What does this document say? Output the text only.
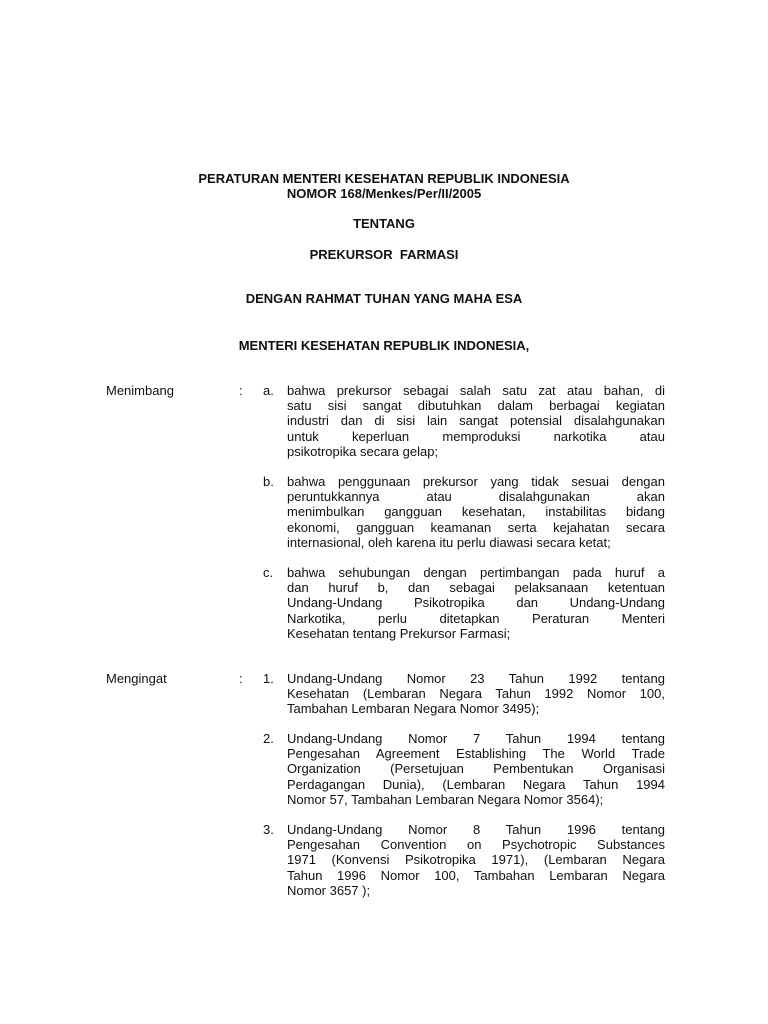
PERATURAN MENTERI KESEHATAN REPUBLIK INDONESIA
NOMOR 168/Menkes/Per/II/2005
TENTANG
PREKURSOR  FARMASI
DENGAN RAHMAT TUHAN YANG MAHA ESA
MENTERI KESEHATAN REPUBLIK INDONESIA,
Menimbang	: a. bahwa prekursor sebagai salah satu zat atau bahan, di
satu sisi sangat dibutuhkan dalam berbagai kegiatan
industri dan di sisi lain sangat potensial disalahgunakan
untuk keperluan memproduksi narkotika atau
psikotropika secara gelap;
b. bahwa penggunaan prekursor yang tidak sesuai dengan
peruntukkannya atau disalahgunakan akan
menimbulkan gangguan kesehatan, instabilitas bidang
ekonomi, gangguan keamanan serta kejahatan secara
internasional, oleh karena itu perlu diawasi secara ketat;
c. bahwa sehubungan dengan pertimbangan pada huruf a
dan huruf b, dan sebagai pelaksanaan ketentuan
Undang-Undang Psikotropika dan Undang-Undang
Narkotika, perlu ditetapkan Peraturan Menteri
Kesehatan tentang Prekursor Farmasi;
Mengingat	: 1. Undang-Undang Nomor 23 Tahun 1992 tentang
Kesehatan (Lembaran Negara Tahun 1992 Nomor 100,
Tambahan Lembaran Negara Nomor 3495);
2. Undang-Undang Nomor 7 Tahun 1994 tentang
Pengesahan Agreement Establishing The World Trade
Organization (Persetujuan Pembentukan Organisasi
Perdagangan Dunia), (Lembaran Negara Tahun 1994
Nomor 57, Tambahan Lembaran Negara Nomor 3564);
3. Undang-Undang Nomor 8 Tahun 1996 tentang
Pengesahan Convention on Psychotropic Substances
1971 (Konvensi Psikotropika 1971), (Lembaran Negara
Tahun 1996 Nomor 100, Tambahan Lembaran Negara
Nomor 3657 );
